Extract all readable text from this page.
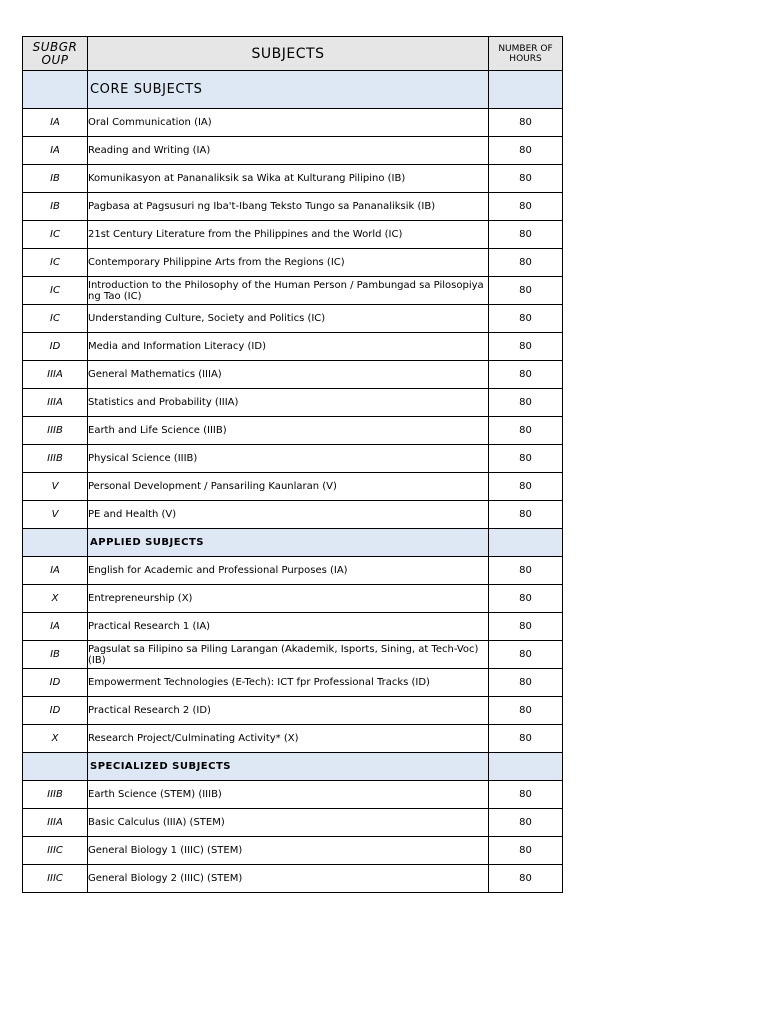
SUBGR OUP	SUBJECTS	NUMBER OF HOURS
	CORE SUBJECTS	
IA	Oral Communication (IA)	80
IA	Reading and Writing (IA)	80
IB	Komunikasyon at Pananaliksik sa Wika at Kulturang Pilipino (IB)	80
IB	Pagbasa at Pagsusuri ng Iba't-Ibang Teksto Tungo sa Pananaliksik (IB)	80
IC	21st Century Literature from the Philippines and the World (IC)	80
IC	Contemporary Philippine Arts from the Regions (IC)	80
IC	Introduction to the Philosophy of the Human Person / Pambungad sa Pilosopiya ng Tao (IC)	80
IC	Understanding Culture, Society and Politics (IC)	80
ID	Media and Information Literacy (ID)	80
IIIA	General Mathematics (IIIA)	80
IIIA	Statistics and Probability (IIIA)	80
IIIB	Earth and Life Science (IIIB)	80
IIIB	Physical Science (IIIB)	80
V	Personal Development / Pansariling Kaunlaran (V)	80
V	PE and Health (V)	80
	APPLIED SUBJECTS	
IA	English for Academic and Professional Purposes (IA)	80
X	Entrepreneurship (X)	80
IA	Practical Research 1 (IA)	80
IB	Pagsulat sa Filipino sa Piling Larangan (Akademik, Isports, Sining, at Tech-Voc) (IB)	80
ID	Empowerment Technologies (E-Tech): ICT fpr Professional Tracks (ID)	80
ID	Practical Research 2 (ID)	80
X	Research Project/Culminating Activity* (X)	80
	SPECIALIZED SUBJECTS	
IIIB	Earth Science (STEM) (IIIB)	80
IIIA	Basic Calculus (IIIA) (STEM)	80
IIIC	General Biology 1 (IIIC) (STEM)	80
IIIC	General Biology 2 (IIIC) (STEM)	80
